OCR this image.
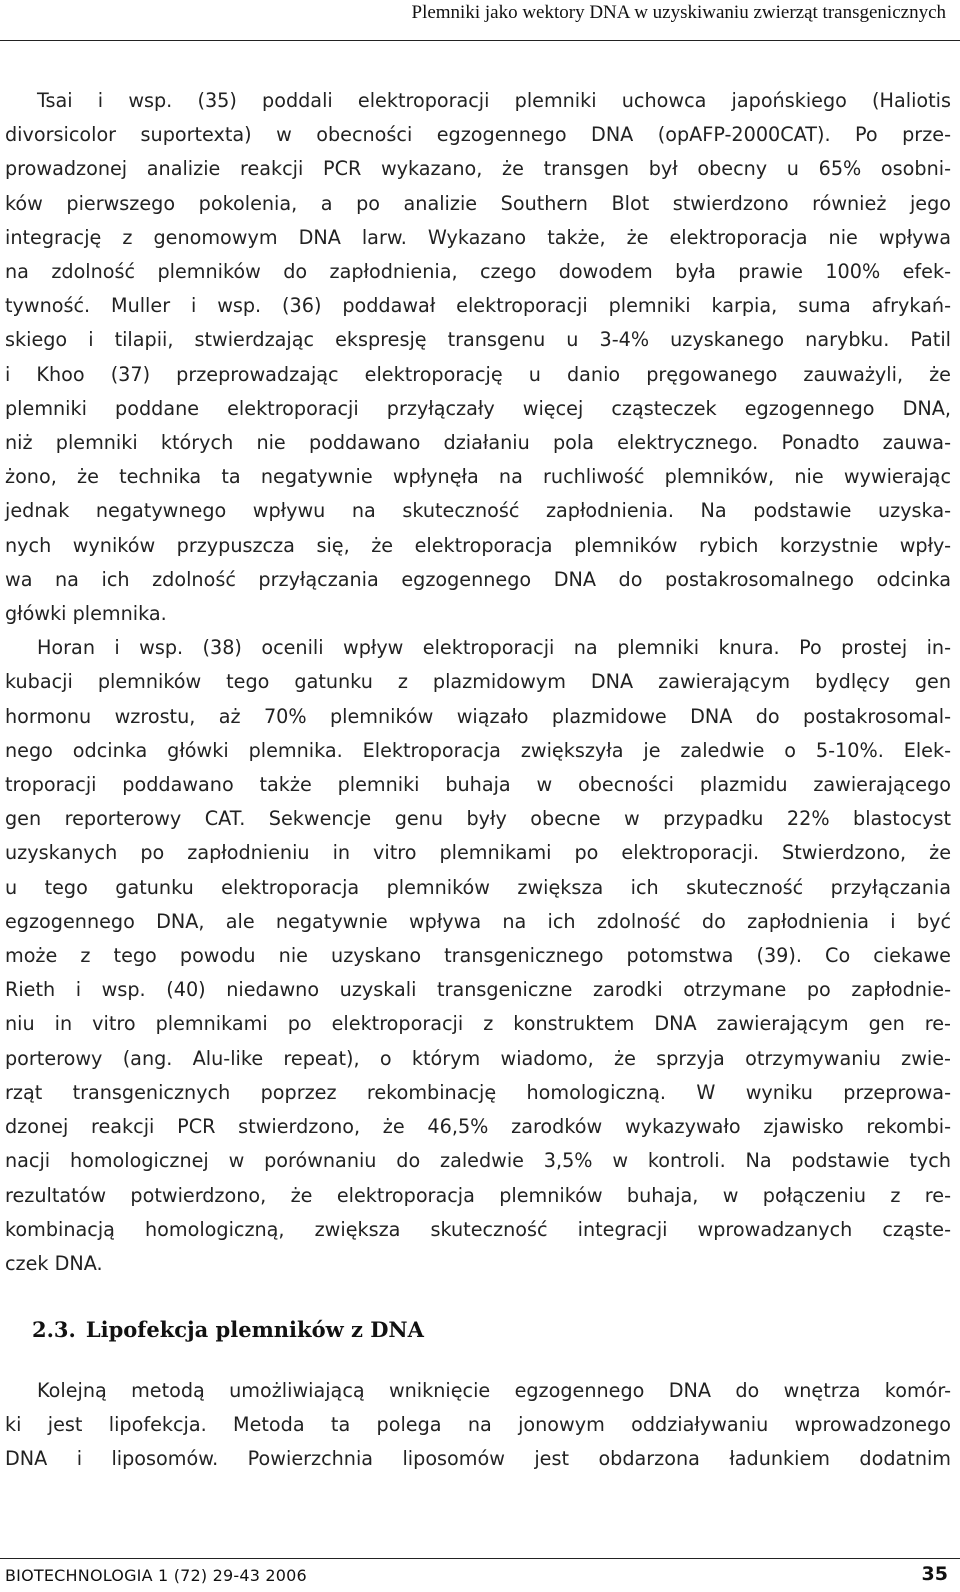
Plemniki jako wektory DNA w uzyskiwaniu zwierząt transgenicznych
Tsai i wsp. (35) poddali elektroporacji plemniki uchowca japońskiego (Haliotis
divorsicolor suportexta) w obecności egzogennego DNA (opAFP-2000CAT). Po prze-
prowadzonej analizie reakcji PCR wykazano, że transgen był obecny u 65% osobni-
ków pierwszego pokolenia, a po analizie Southern Blot stwierdzono również jego
integrację z genomowym DNA larw. Wykazano także, że elektroporacja nie wpływa
na zdolność plemników do zapłodnienia, czego dowodem była prawie 100% efek-
tywność. Muller i wsp. (36) poddawał elektroporacji plemniki karpia, suma afrykań-
skiego i tilapii, stwierdzając ekspresję transgenu u 3-4% uzyskanego narybku. Patil
i Khoo (37) przeprowadzając elektroporację u danio pręgowanego zauważyli, że
plemniki poddane elektroporacji przyłączały więcej cząsteczek egzogennego DNA,
niż plemniki których nie poddawano działaniu pola elektrycznego. Ponadto zauwa-
żono, że technika ta negatywnie wpłynęła na ruchliwość plemników, nie wywierając
jednak negatywnego wpływu na skuteczność zapłodnienia. Na podstawie uzyska-
nych wyników przypuszcza się, że elektroporacja plemników rybich korzystnie wpły-
wa na ich zdolność przyłączania egzogennego DNA do postakrosomalnego odcinka
główki plemnika.
Horan i wsp. (38) ocenili wpływ elektroporacji na plemniki knura. Po prostej in-
kubacji plemników tego gatunku z plazmidowym DNA zawierającym bydlęcy gen
hormonu wzrostu, aż 70% plemników wiązało plazmidowe DNA do postakrosomal-
nego odcinka główki plemnika. Elektroporacja zwiększyła je zaledwie o 5-10%. Elek-
troporacji poddawano także plemniki buhaja w obecności plazmidu zawierającego
gen reporterowy CAT. Sekwencje genu były obecne w przypadku 22% blastocyst
uzyskanych po zapłodnieniu in vitro plemnikami po elektroporacji. Stwierdzono, że
u tego gatunku elektroporacja plemników zwiększa ich skuteczność przyłączania
egzogennego DNA, ale negatywnie wpływa na ich zdolność do zapłodnienia i być
może z tego powodu nie uzyskano transgenicznego potomstwa (39). Co ciekawe
Rieth i wsp. (40) niedawno uzyskali transgeniczne zarodki otrzymane po zapłodnie-
niu in vitro plemnikami po elektroporacji z konstruktem DNA zawierającym gen re-
porterowy (ang. Alu-like repeat), o którym wiadomo, że sprzyja otrzymywaniu zwie-
rząt transgenicznych poprzez rekombinację homologiczną. W wyniku przeprowa-
dzonej reakcji PCR stwierdzono, że 46,5% zarodków wykazywało zjawisko rekombi-
nacji homologicznej w porównaniu do zaledwie 3,5% w kontroli. Na podstawie tych
rezultatów potwierdzono, że elektroporacja plemników buhaja, w połączeniu z re-
kombinacją homologiczną, zwiększa skuteczność integracji wprowadzanych cząste-
czek DNA.
2.3. Lipofekcja plemników z DNA
Kolejną metodą umożliwiającą wniknięcie egzogennego DNA do wnętrza komór-
ki jest lipofekcja. Metoda ta polega na jonowym oddziaływaniu wprowadzonego
DNA i liposomów. Powierzchnia liposomów jest obdarzona ładunkiem dodatnim
BIOTECHNOLOGIA 1 (72) 29-43 2006	35
